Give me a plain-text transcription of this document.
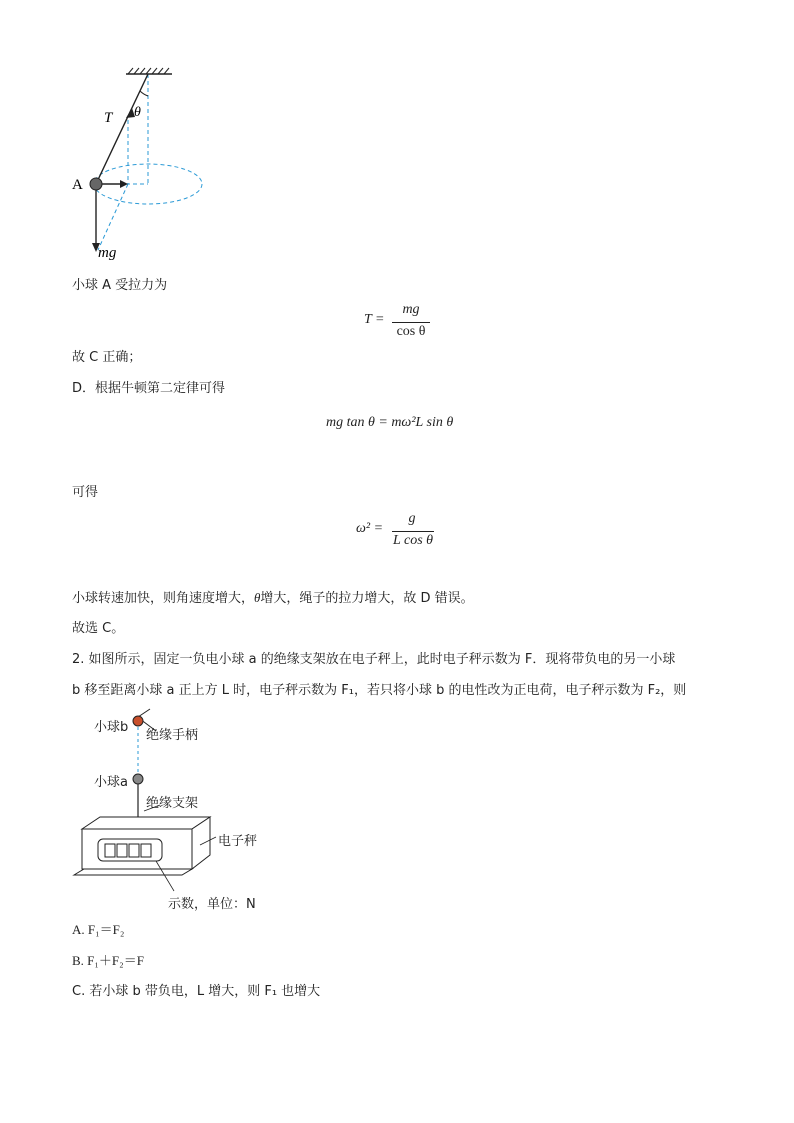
T θ
A
mg
小球 A 受拉力为
T =
mg
cos θ
故 C 正确；
D．根据牛顿第二定律可得
mg tan θ = mω²L sin θ
可得
ω² =
g
L cos θ
小球转速加快，则角速度增大，θ增大，绳子的拉力增大，故 D 错误。
故选 C。
2. 如图所示，固定一负电小球 a 的绝缘支架放在电子秤上，此时电子秤示数为 F．现将带负电的另一小球
b 移至距离小球 a 正上方 L 时，电子秤示数为 F₁，若只将小球 b 的电性改为正电荷，电子秤示数为 F₂，则
小球b
绝缘手柄
小球a
绝缘支架
电子秤
示数，单位：N
A. F₁＝F₂
B. F₁＋F₂＝F
C. 若小球 b 带负电，L 增大，则 F₁ 也增大
